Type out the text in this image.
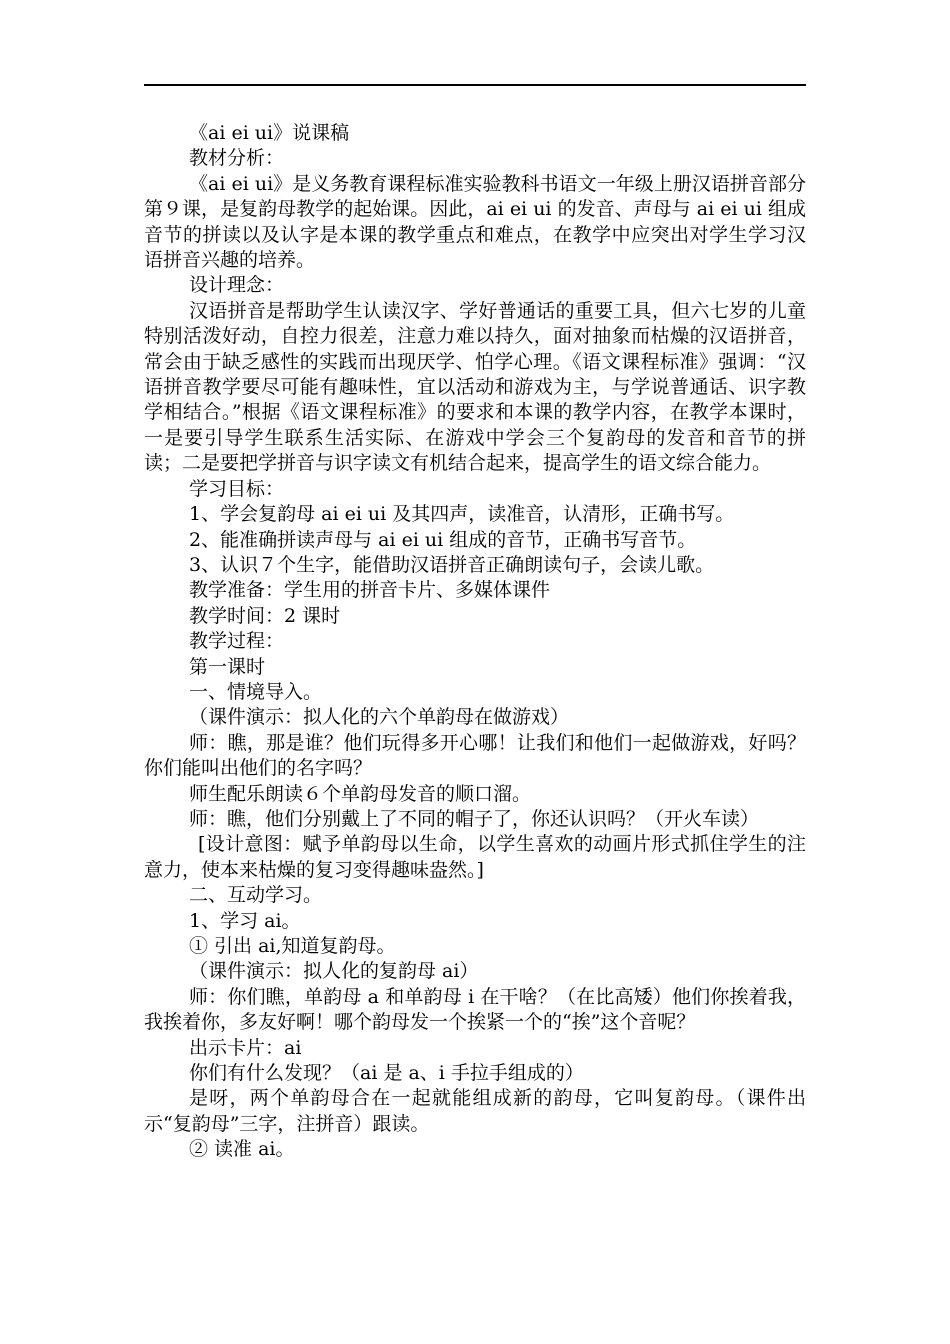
《ai ei ui》说课稿

教材分析：

《ai ei ui》是义务教育课程标准实验教科书语文一年级上册汉语拼音部分第９课，是复韵母教学的起始课。因此，ai ei ui 的发音、声母与 ai ei ui 组成音节的拼读以及认字是本课的教学重点和难点，在教学中应突出对学生学习汉语拼音兴趣的培养。

设计理念：

汉语拼音是帮助学生认读汉字、学好普通话的重要工具，但六七岁的儿童特别活泼好动，自控力很差，注意力难以持久，面对抽象而枯燥的汉语拼音，常会由于缺乏感性的实践而出现厌学、怕学心理。《语文课程标准》强调：“汉语拼音教学要尽可能有趣味性，宜以活动和游戏为主，与学说普通话、识字教学相结合。”根据《语文课程标准》的要求和本课的教学内容，在教学本课时，一是要引导学生联系生活实际、在游戏中学会三个复韵母的发音和音节的拼读；二是要把学拼音与识字读文有机结合起来，提高学生的语文综合能力。

学习目标：

1、学会复韵母 ai ei ui 及其四声，读准音，认清形，正确书写。

2、能准确拼读声母与 ai ei ui 组成的音节，正确书写音节。

3、认识７个生字，能借助汉语拼音正确朗读句子，会读儿歌。

教学准备：学生用的拼音卡片、多媒体课件

教学时间：2 课时

教学过程：

第一课时

一、情境导入。

（课件演示：拟人化的六个单韵母在做游戏）

师：瞧，那是谁？他们玩得多开心哪！让我们和他们一起做游戏，好吗？你们能叫出他们的名字吗？

师生配乐朗读６个单韵母发音的顺口溜。

师：瞧，他们分别戴上了不同的帽子了，你还认识吗？（开火车读）

[设计意图：赋予单韵母以生命，以学生喜欢的动画片形式抓住学生的注意力，使本来枯燥的复习变得趣味盎然。]

二、互动学习。

1、学习 ai。

① 引出 ai,知道复韵母。

（课件演示：拟人化的复韵母 ai）

师：你们瞧，单韵母 a 和单韵母 i 在干啥？（在比高矮）他们你挨着我，我挨着你，多友好啊！哪个韵母发一个挨紧一个的“挨”这个音呢？

出示卡片：ai

你们有什么发现？（ai 是 a、i 手拉手组成的）

是呀，两个单韵母合在一起就能组成新的韵母，它叫复韵母。（课件出示“复韵母”三字，注拼音）跟读。

② 读准 ai。
